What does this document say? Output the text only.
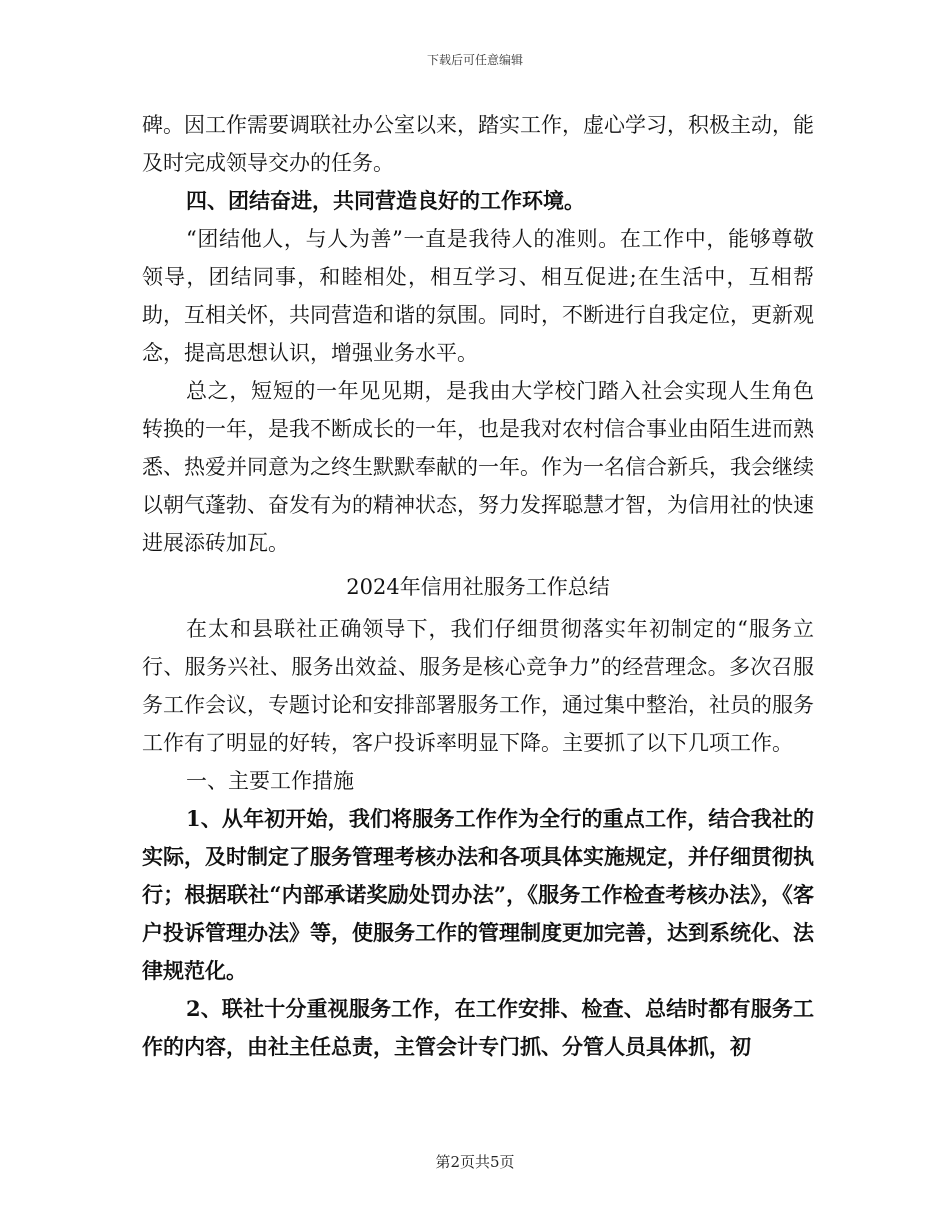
下载后可任意编辑

碑。因工作需要调联社办公室以来，踏实工作，虚心学习，积极主动，能及时完成领导交办的任务。

四、团结奋进，共同营造良好的工作环境。

“团结他人，与人为善”一直是我待人的准则。在工作中，能够尊敬领导，团结同事，和睦相处，相互学习、相互促进;在生活中，互相帮助，互相关怀，共同营造和谐的氛围。同时，不断进行自我定位，更新观念，提高思想认识，增强业务水平。

总之，短短的一年见见期，是我由大学校门踏入社会实现人生角色转换的一年，是我不断成长的一年，也是我对农村信合事业由陌生进而熟悉、热爱并同意为之终生默默奉献的一年。作为一名信合新兵，我会继续以朝气蓬勃、奋发有为的精神状态，努力发挥聪慧才智，为信用社的快速进展添砖加瓦。

2024年信用社服务工作总结

在太和县联社正确领导下，我们仔细贯彻落实年初制定的“服务立行、服务兴社、服务出效益、服务是核心竞争力”的经营理念。多次召服务工作会议，专题讨论和安排部署服务工作，通过集中整治，社员的服务工作有了明显的好转，客户投诉率明显下降。主要抓了以下几项工作。

一、主要工作措施

1、从年初开始，我们将服务工作作为全行的重点工作，结合我社的实际，及时制定了服务管理考核办法和各项具体实施规定，并仔细贯彻执行；根据联社“内部承诺奖励处罚办法”，《服务工作检查考核办法》，《客户投诉管理办法》等，使服务工作的管理制度更加完善，达到系统化、法律规范化。

2、联社十分重视服务工作，在工作安排、检查、总结时都有服务工作的内容，由社主任总责，主管会计专门抓、分管人员具体抓，初

第2页共5页
